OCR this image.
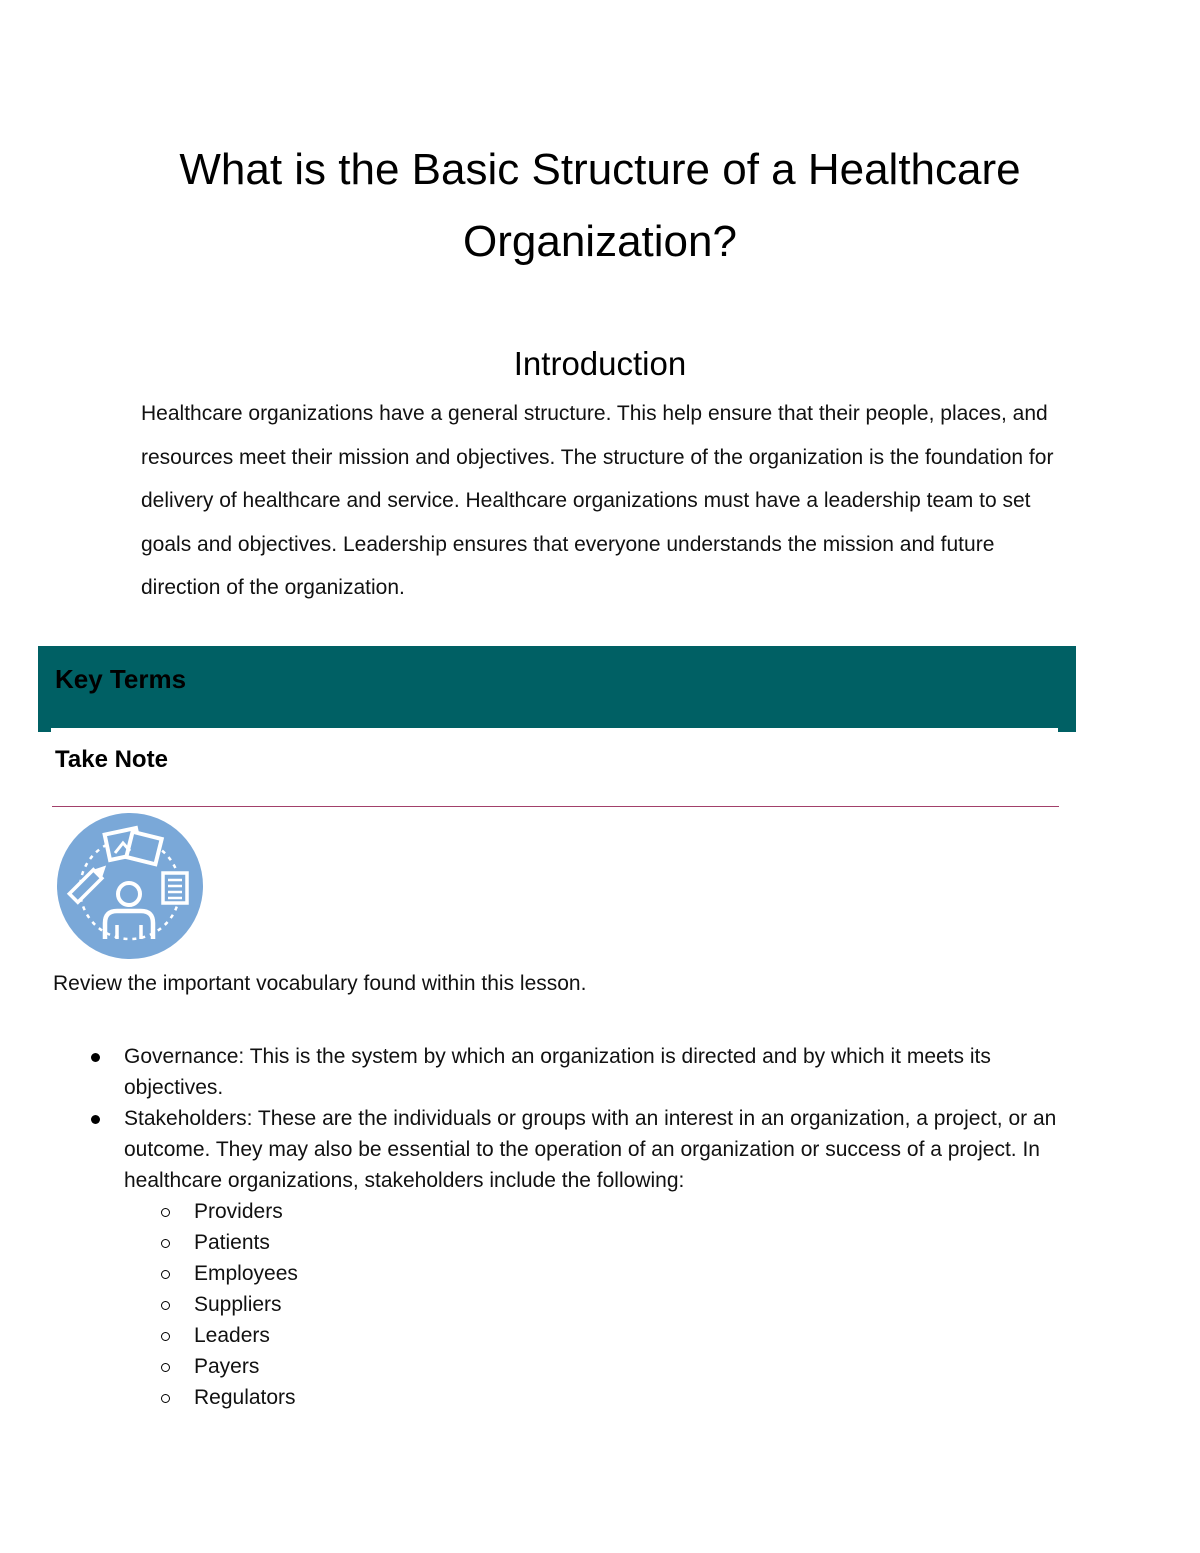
What is the Basic Structure of a Healthcare Organization?
Introduction

Healthcare organizations have a general structure. This help ensure that their people, places, and resources meet their mission and objectives. The structure of the organization is the foundation for delivery of healthcare and service. Healthcare organizations must have a leadership team to set goals and objectives. Leadership ensures that everyone understands the mission and future direction of the organization.

Key Terms
Take Note

Review the important vocabulary found within this lesson.

Governance: This is the system by which an organization is directed and by which it meets its objectives.
Stakeholders: These are the individuals or groups with an interest in an organization, a project, or an outcome. They may also be essential to the operation of an organization or success of a project. In healthcare organizations, stakeholders include the following:
Providers
Patients
Employees
Suppliers
Leaders
Payers
Regulators
